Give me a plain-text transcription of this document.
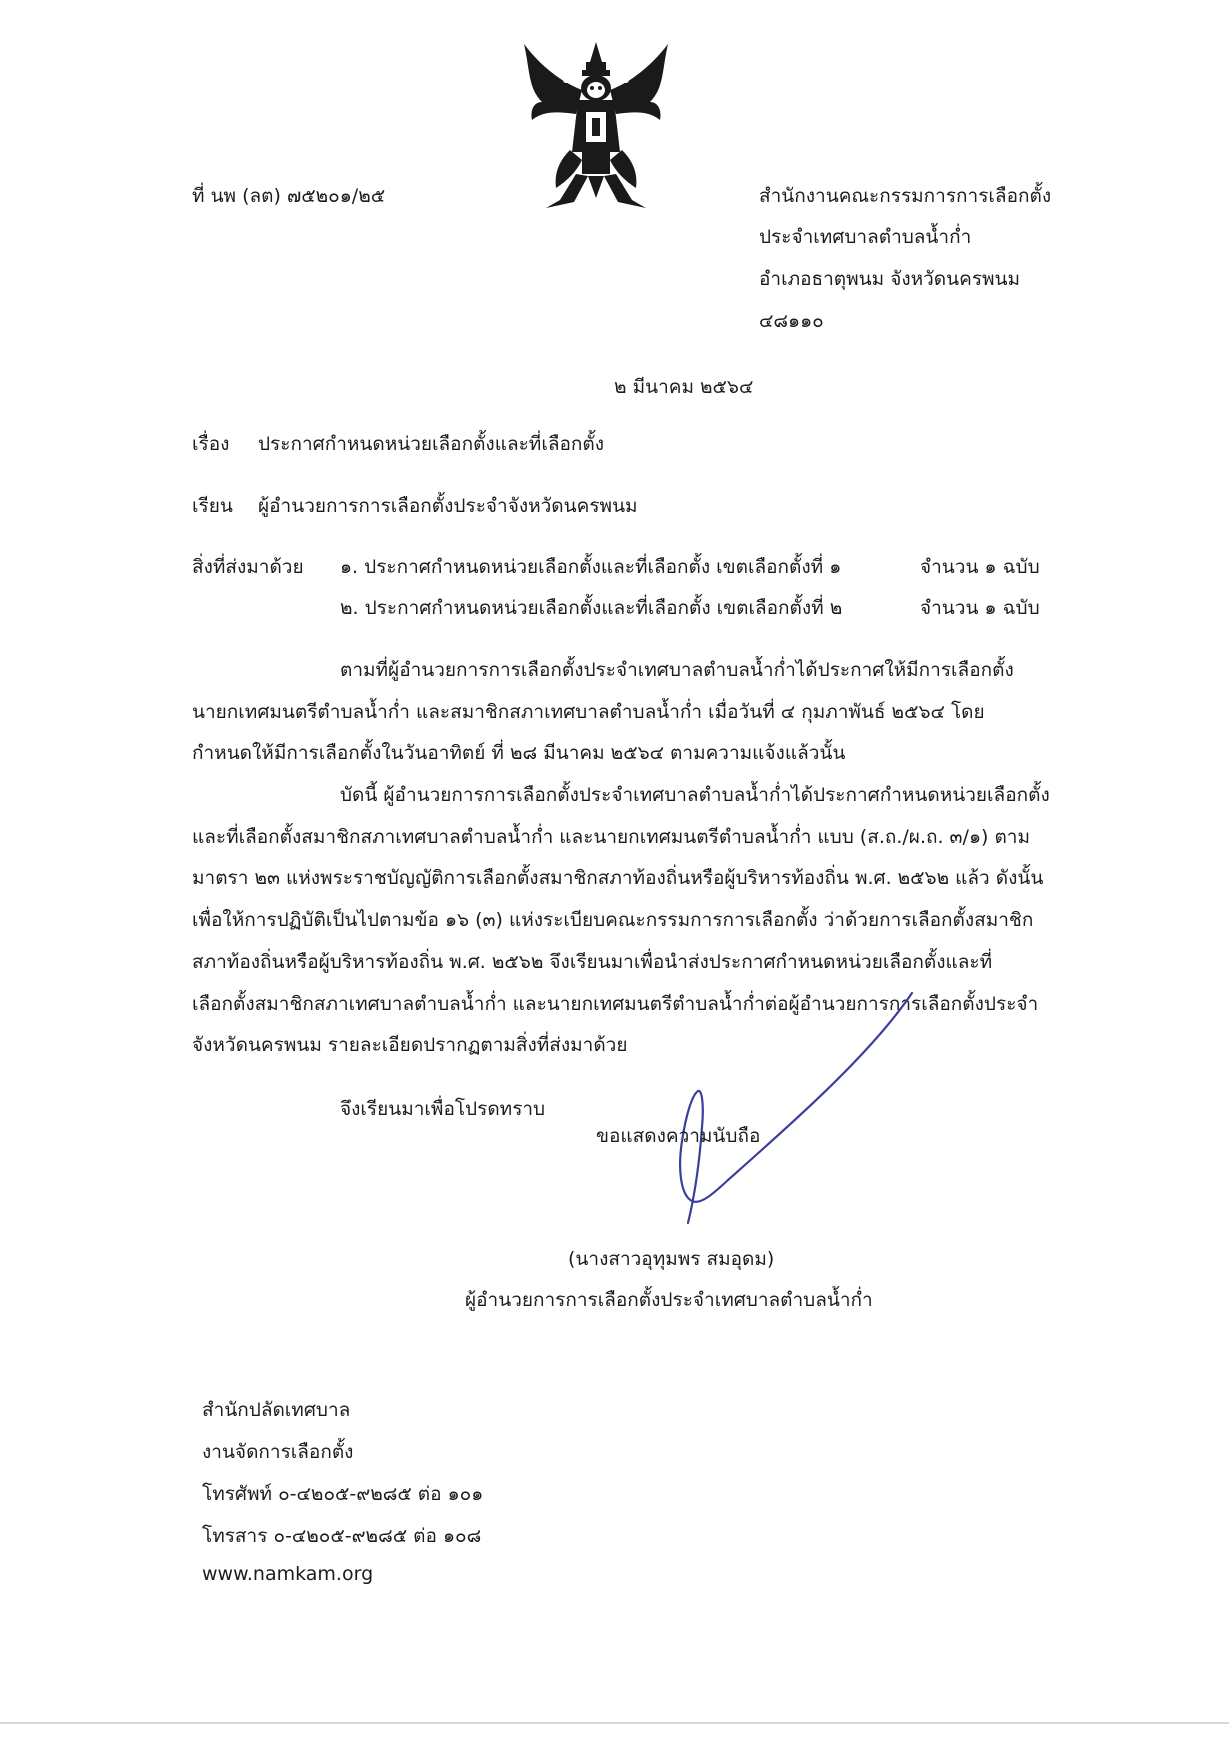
ที่ นพ (ลต) ๗๕๒๐๑/๒๕	สำนักงานคณะกรรมการการเลือกตั้ง
ประจำเทศบาลตำบลน้ำก่ำ
อำเภอธาตุพนม จังหวัดนครพนม
๔๘๑๑๐
๒ มีนาคม ๒๕๖๔
เรื่อง ประกาศกำหนดหน่วยเลือกตั้งและที่เลือกตั้ง
เรียน ผู้อำนวยการการเลือกตั้งประจำจังหวัดนครพนม
สิ่งที่ส่งมาด้วย ๑. ประกาศกำหนดหน่วยเลือกตั้งและที่เลือกตั้ง เขตเลือกตั้งที่ ๑	จำนวน ๑ ฉบับ
๒. ประกาศกำหนดหน่วยเลือกตั้งและที่เลือกตั้ง เขตเลือกตั้งที่ ๒	จำนวน ๑ ฉบับ
ตามที่ผู้อำนวยการการเลือกตั้งประจำเทศบาลตำบลน้ำก่ำได้ประกาศให้มีการเลือกตั้ง
นายกเทศมนตรีตำบลน้ำก่ำ และสมาชิกสภาเทศบาลตำบลน้ำก่ำ เมื่อวันที่ ๔ กุมภาพันธ์ ๒๕๖๔ โดย
กำหนดให้มีการเลือกตั้งในวันอาทิตย์ ที่ ๒๘ มีนาคม ๒๕๖๔ ตามความแจ้งแล้วนั้น
บัดนี้ ผู้อำนวยการการเลือกตั้งประจำเทศบาลตำบลน้ำก่ำได้ประกาศกำหนดหน่วยเลือกตั้ง
และที่เลือกตั้งสมาชิกสภาเทศบาลตำบลน้ำก่ำ และนายกเทศมนตรีตำบลน้ำก่ำ แบบ (ส.ถ./ผ.ถ. ๓/๑) ตาม
มาตรา ๒๓ แห่งพระราชบัญญัติการเลือกตั้งสมาชิกสภาท้องถิ่นหรือผู้บริหารท้องถิ่น พ.ศ. ๒๕๖๒ แล้ว ดังนั้น
เพื่อให้การปฏิบัติเป็นไปตามข้อ ๑๖ (๓) แห่งระเบียบคณะกรรมการการเลือกตั้ง ว่าด้วยการเลือกตั้งสมาชิก
สภาท้องถิ่นหรือผู้บริหารท้องถิ่น พ.ศ. ๒๕๖๒ จึงเรียนมาเพื่อนำส่งประกาศกำหนดหน่วยเลือกตั้งและที่
เลือกตั้งสมาชิกสภาเทศบาลตำบลน้ำก่ำ และนายกเทศมนตรีตำบลน้ำก่ำต่อผู้อำนวยการการเลือกตั้งประจำ
จังหวัดนครพนม รายละเอียดปรากฏตามสิ่งที่ส่งมาด้วย
จึงเรียนมาเพื่อโปรดทราบ
ขอแสดงความนับถือ
(นางสาวอุทุมพร สมอุดม)
ผู้อำนวยการการเลือกตั้งประจำเทศบาลตำบลน้ำก่ำ
สำนักปลัดเทศบาล
งานจัดการเลือกตั้ง
โทรศัพท์ ๐-๔๒๐๕-๙๒๘๕ ต่อ ๑๐๑
โทรสาร ๐-๔๒๐๕-๙๒๘๕ ต่อ ๑๐๘
www.namkam.org
